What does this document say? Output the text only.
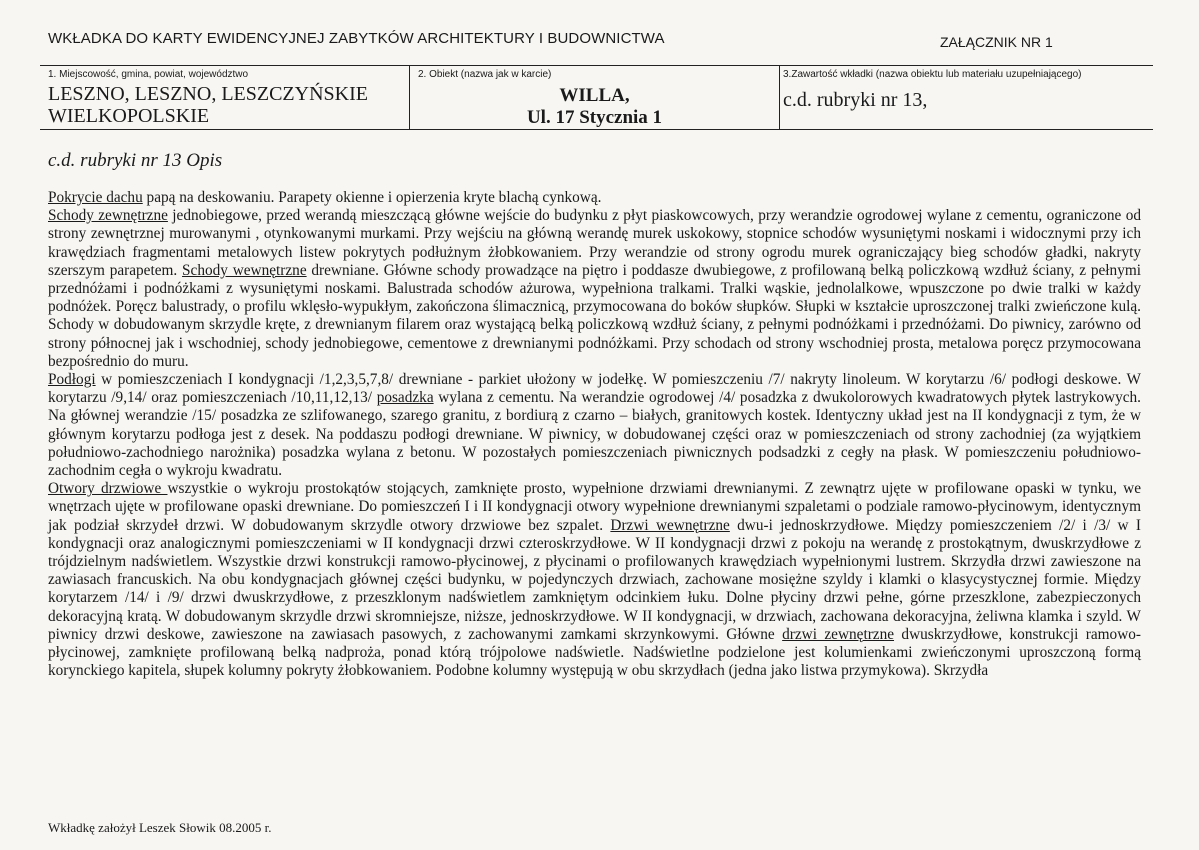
WKŁADKA DO KARTY EWIDENCYJNEJ ZABYTKÓW ARCHITEKTURY I BUDOWNICTWA	ZAŁĄCZNIK NR 1
1. Miejscowość, gmina, powiat, województwo
LESZNO, LESZNO, LESZCZYŃSKIE
WIELKOPOLSKIE
2. Obiekt (nazwa jak w karcie)
WILLA,
Ul. 17 Stycznia 1
3.Zawartość wkładki (nazwa obiektu lub materiału uzupełniającego)
c.d. rubryki nr 13,
c.d. rubryki nr 13 Opis

Pokrycie dachu papą na deskowaniu. Parapety okienne i opierzenia kryte blachą cynkową.

Schody zewnętrzne jednobiegowe, przed werandą mieszczącą główne wejście do budynku z płyt piaskowcowych, przy werandzie ogrodowej wylane z cementu, ograniczone od strony zewnętrznej murowanymi , otynkowanymi murkami. Przy wejściu na główną werandę murek uskokowy, stopnice schodów wysuniętymi noskami i widocznymi przy ich krawędziach fragmentami metalowych listew pokrytych podłużnym żłobkowaniem. Przy werandzie od strony ogrodu murek ograniczający bieg schodów gładki, nakryty szerszym parapetem. Schody wewnętrzne drewniane. Główne schody prowadzące na piętro i poddasze dwubiegowe, z profilowaną belką policzkową wzdłuż ściany, z pełnymi przednóżami i podnóżkami z wysuniętymi noskami. Balustrada schodów ażurowa, wypełniona tralkami. Tralki wąskie, jednolalkowe, wpuszczone po dwie tralki w każdy podnóżek. Poręcz balustrady, o profilu wklęsło-wypukłym, zakończona ślimacznicą, przymocowana do boków słupków. Słupki w kształcie uproszczonej tralki zwieńczone kulą. Schody w dobudowanym skrzydle kręte, z drewnianym filarem oraz wystającą belką policzkową wzdłuż ściany, z pełnymi podnóżkami i przednóżami. Do piwnicy, zarówno od strony północnej jak i wschodniej, schody jednobiegowe, cementowe z drewnianymi podnóżkami. Przy schodach od strony wschodniej prosta, metalowa poręcz przymocowana bezpośrednio do muru.

Podłogi w pomieszczeniach I kondygnacji /1,2,3,5,7,8/ drewniane - parkiet ułożony w jodełkę. W pomieszczeniu /7/ nakryty linoleum. W korytarzu /6/ podłogi deskowe. W korytarzu /9,14/ oraz pomieszczeniach /10,11,12,13/ posadzka wylana z cementu. Na werandzie ogrodowej /4/ posadzka z dwukolorowych kwadratowych płytek lastrykowych. Na głównej werandzie /15/ posadzka ze szlifowanego, szarego granitu, z bordiurą z czarno – białych, granitowych kostek. Identyczny układ jest na II kondygnacji z tym, że w głównym korytarzu podłoga jest z desek. Na poddaszu podłogi drewniane. W piwnicy, w dobudowanej części oraz w pomieszczeniach od strony zachodniej (za wyjątkiem południowo-zachodniego narożnika) posadzka wylana z betonu. W pozostałych pomieszczeniach piwnicznych podsadzki z cegły na płask. W pomieszczeniu południowo-zachodnim cegła o wykroju kwadratu.

Otwory drzwiowe wszystkie o wykroju prostokątów stojących, zamknięte prosto, wypełnione drzwiami drewnianymi. Z zewnątrz ujęte w profilowane opaski w tynku, we wnętrzach ujęte w profilowane opaski drewniane. Do pomieszczeń I i II kondygnacji otwory wypełnione drewnianymi szpaletami o podziale ramowo-płycinowym, identycznym jak podział skrzydeł drzwi. W dobudowanym skrzydle otwory drzwiowe bez szpalet. Drzwi wewnętrzne dwu-i jednoskrzydłowe. Między pomieszczeniem /2/ i /3/ w I kondygnacji oraz analogicznymi pomieszczeniami w II kondygnacji drzwi czteroskrzydłowe. W II kondygnacji drzwi z pokoju na werandę z prostokątnym, dwuskrzydłowe z trójdzielnym nadświetlem. Wszystkie drzwi konstrukcji ramowo-płycinowej, z płycinami o profilowanych krawędziach wypełnionymi lustrem. Skrzydła drzwi zawieszone na zawiasach francuskich. Na obu kondygnacjach głównej części budynku, w pojedynczych drzwiach, zachowane mosiężne szyldy i klamki o klasycystycznej formie. Między korytarzem /14/ i /9/ drzwi dwuskrzydłowe, z przeszklonym nadświetlem zamkniętym odcinkiem łuku. Dolne płyciny drzwi pełne, górne przeszklone, zabezpieczonych dekoracyjną kratą. W dobudowanym skrzydle drzwi skromniejsze, niższe, jednoskrzydłowe. W II kondygnacji, w drzwiach, zachowana dekoracyjna, żeliwna klamka i szyld. W piwnicy drzwi deskowe, zawieszone na zawiasach pasowych, z zachowanymi zamkami skrzynkowymi. Główne drzwi zewnętrzne dwuskrzydłowe, konstrukcji ramowo-płycinowej, zamknięte profilowaną belką nadproża, ponad którą trójpolowe nadświetle. Nadświetlne podzielone jest kolumienkami zwieńczonymi uproszczoną formą korynckiego kapitela, słupek kolumny pokryty żłobkowaniem. Podobne kolumny występują w obu skrzydłach (jedna jako listwa przymykowa). Skrzydła

Wkładkę założył Leszek Słowik 08.2005 r.
